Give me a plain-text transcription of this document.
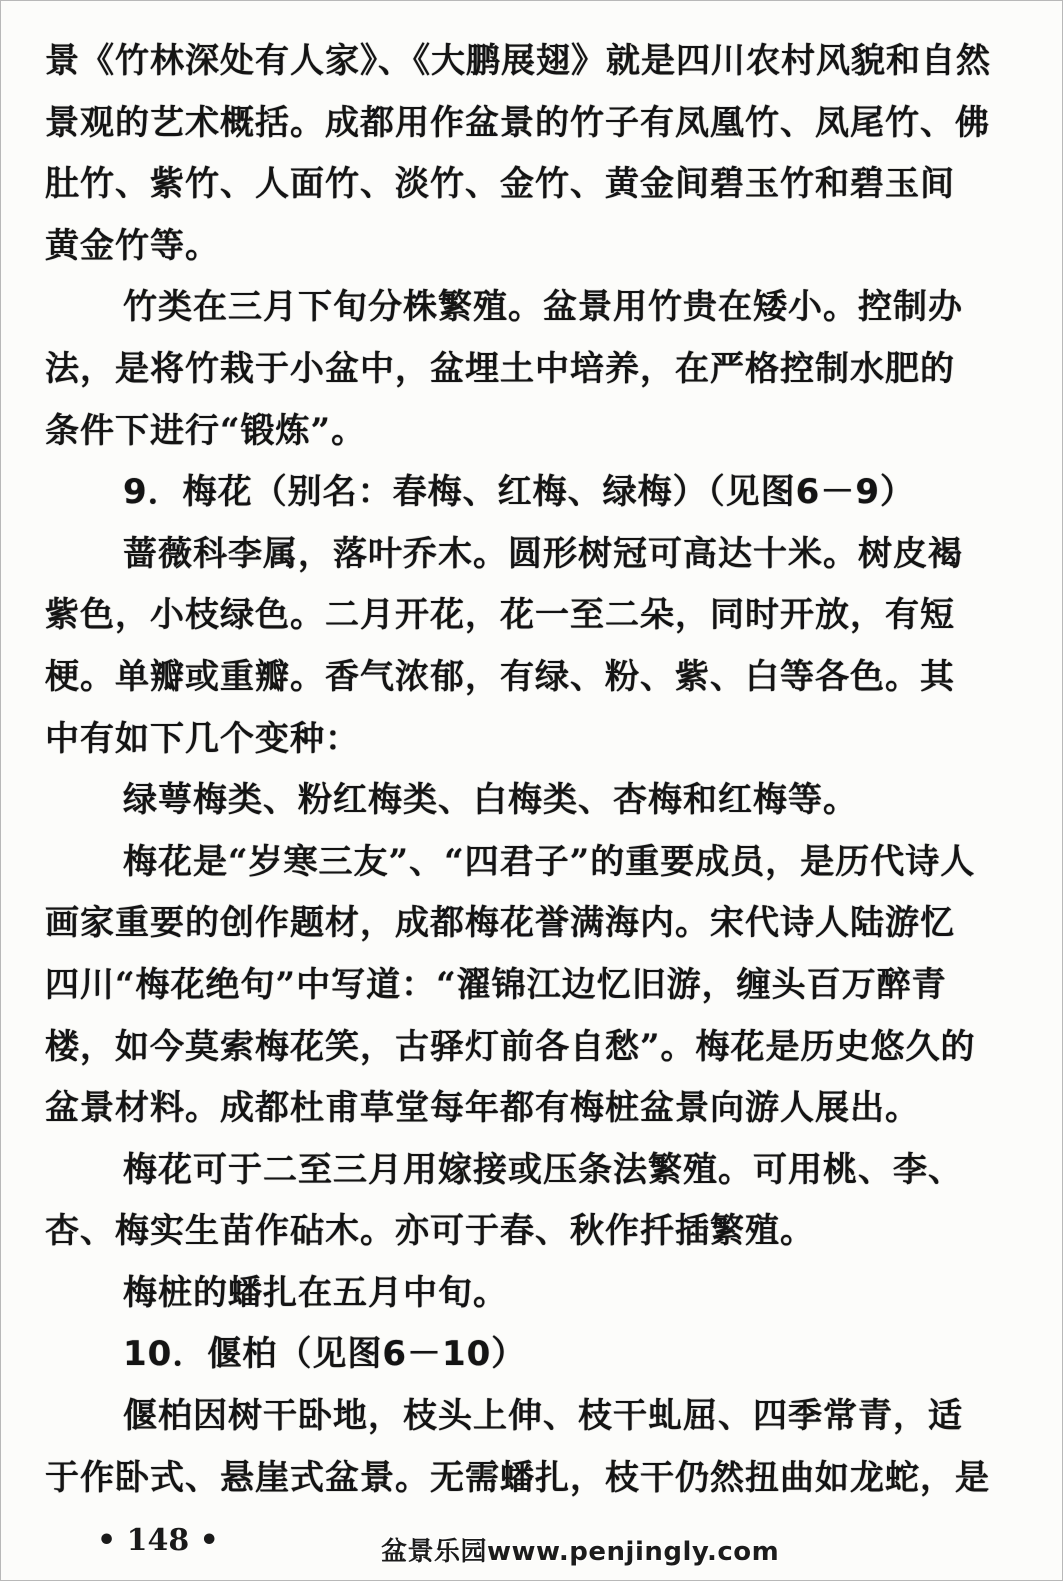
景《竹林深处有人家》、《大鹏展翅》就是四川农村风貌和自然
景观的艺术概括。成都用作盆景的竹子有凤凰竹、凤尾竹、佛
肚竹、紫竹、人面竹、淡竹、金竹、黄金间碧玉竹和碧玉间
黄金竹等。
竹类在三月下旬分株繁殖。盆景用竹贵在矮小。控制办
法，是将竹栽于小盆中，盆埋土中培养，在严格控制水肥的
条件下进行“锻炼”。
9．梅花（别名：春梅、红梅、绿梅）（见图6－9）
蔷薇科李属，落叶乔木。圆形树冠可高达十米。树皮褐
紫色，小枝绿色。二月开花，花一至二朵，同时开放，有短
梗。单瓣或重瓣。香气浓郁，有绿、粉、紫、白等各色。其
中有如下几个变种：
绿萼梅类、粉红梅类、白梅类、杏梅和红梅等。
梅花是“岁寒三友”、“四君子”的重要成员，是历代诗人
画家重要的创作题材，成都梅花誉满海内。宋代诗人陆游忆
四川“梅花绝句”中写道：“濯锦江边忆旧游，缠头百万醉青
楼，如今莫索梅花笑，古驿灯前各自愁”。梅花是历史悠久的
盆景材料。成都杜甫草堂每年都有梅桩盆景向游人展出。
梅花可于二至三月用嫁接或压条法繁殖。可用桃、李、
杏、梅实生苗作砧木。亦可于春、秋作扦插繁殖。
梅桩的蟠扎在五月中旬。
10．偃柏（见图6－10）
偃柏因树干卧地，枝头上伸、枝干虬屈、四季常青，适
于作卧式、悬崖式盆景。无需蟠扎，枝干仍然扭曲如龙蛇，是
• 148 •	盆景乐园www.penjingly.com
